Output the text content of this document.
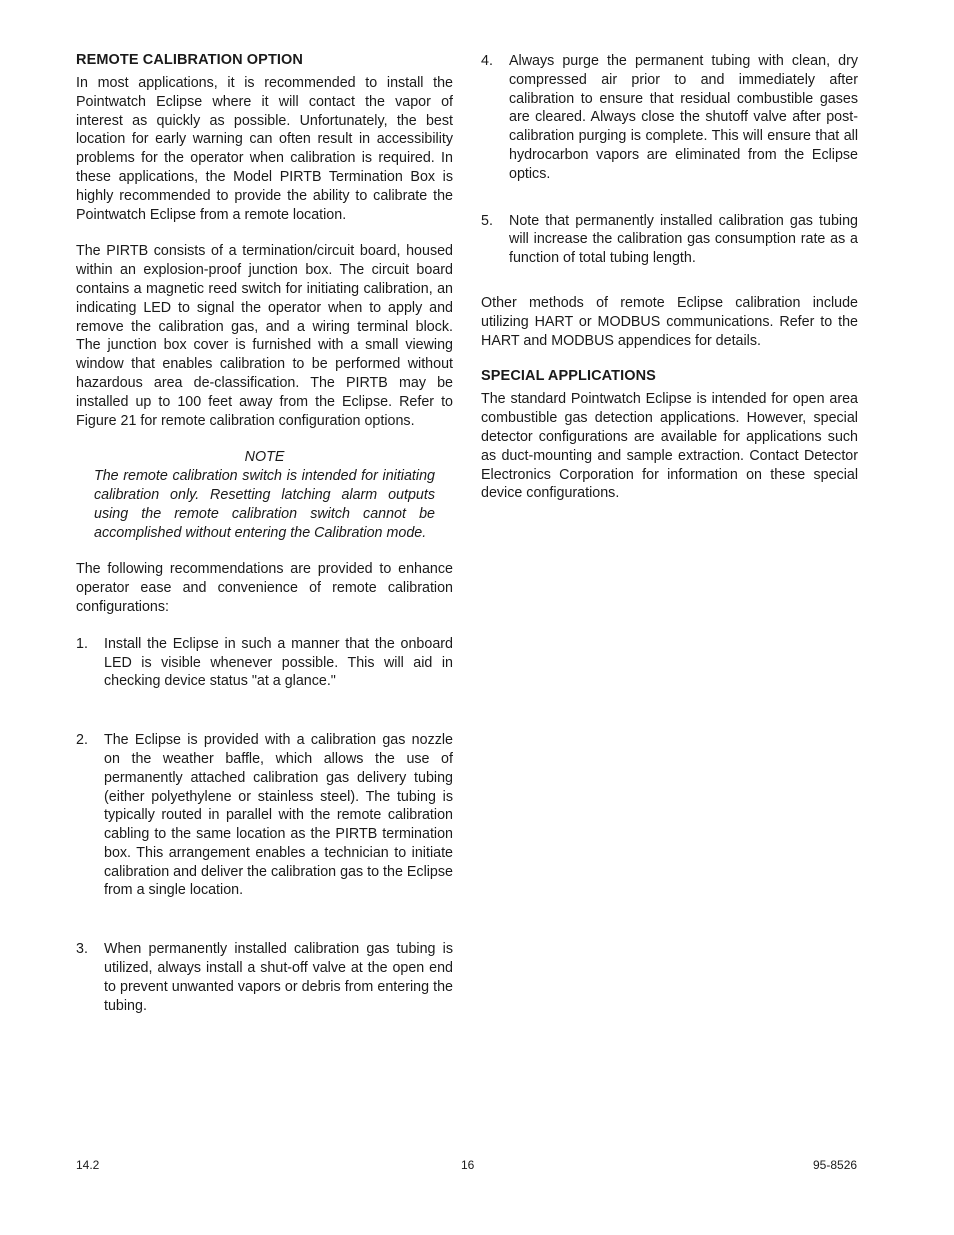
REMOTE CALIBRATION OPTION

In most applications, it is recommended to install the Pointwatch Eclipse where it will contact the vapor of interest as quickly as possible. Unfortunately, the best location for early warning can often result in accessibility problems for the operator when calibration is required. In these applications, the Model PIRTB Termination Box is highly recommended to provide the ability to calibrate the Pointwatch Eclipse from a remote location.

The PIRTB consists of a termination/circuit board, housed within an explosion-proof junction box. The circuit board contains a magnetic reed switch for initiating calibration, an indicating LED to signal the operator when to apply and remove the calibration gas, and a wiring terminal block. The junction box cover is furnished with a small viewing window that enables calibration to be performed without hazardous area de-classification. The PIRTB may be installed up to 100 feet away from the Eclipse. Refer to Figure 21 for remote calibration configuration options.

NOTE
The remote calibration switch is intended for initiating calibration only. Resetting latching alarm outputs using the remote calibration switch cannot be accomplished without entering the Calibration mode.

The following recommendations are provided to enhance operator ease and convenience of remote calibration configurations:

1.	Install the Eclipse in such a manner that the onboard LED is visible whenever possible. This will aid in checking device status "at a glance."
2.	The Eclipse is provided with a calibration gas nozzle on the weather baffle, which allows the use of permanently attached calibration gas delivery tubing (either polyethylene or stainless steel). The tubing is typically routed in parallel with the remote calibration cabling to the same location as the PIRTB termination box. This arrangement enables a technician to initiate calibration and deliver the calibration gas to the Eclipse from a single location.
3.	When permanently installed calibration gas tubing is utilized, always install a shut-off valve at the open end to prevent unwanted vapors or debris from entering the tubing.
4.	Always purge the permanent tubing with clean, dry compressed air prior to and immediately after calibration to ensure that residual combustible gases are cleared. Always close the shutoff valve after post-calibration purging is complete. This will ensure that all hydrocarbon vapors are eliminated from the Eclipse optics.
5.	Note that permanently installed calibration gas tubing will increase the calibration gas consumption rate as a function of total tubing length.

Other methods of remote Eclipse calibration include utilizing HART or MODBUS communications. Refer to the HART and MODBUS appendices for details.

SPECIAL APPLICATIONS

The standard Pointwatch Eclipse is intended for open area combustible gas detection applications. However, special detector configurations are available for applications such as duct-mounting and sample extraction. Contact Detector Electronics Corporation for information on these special device configurations.

14.2	16	95-8526
